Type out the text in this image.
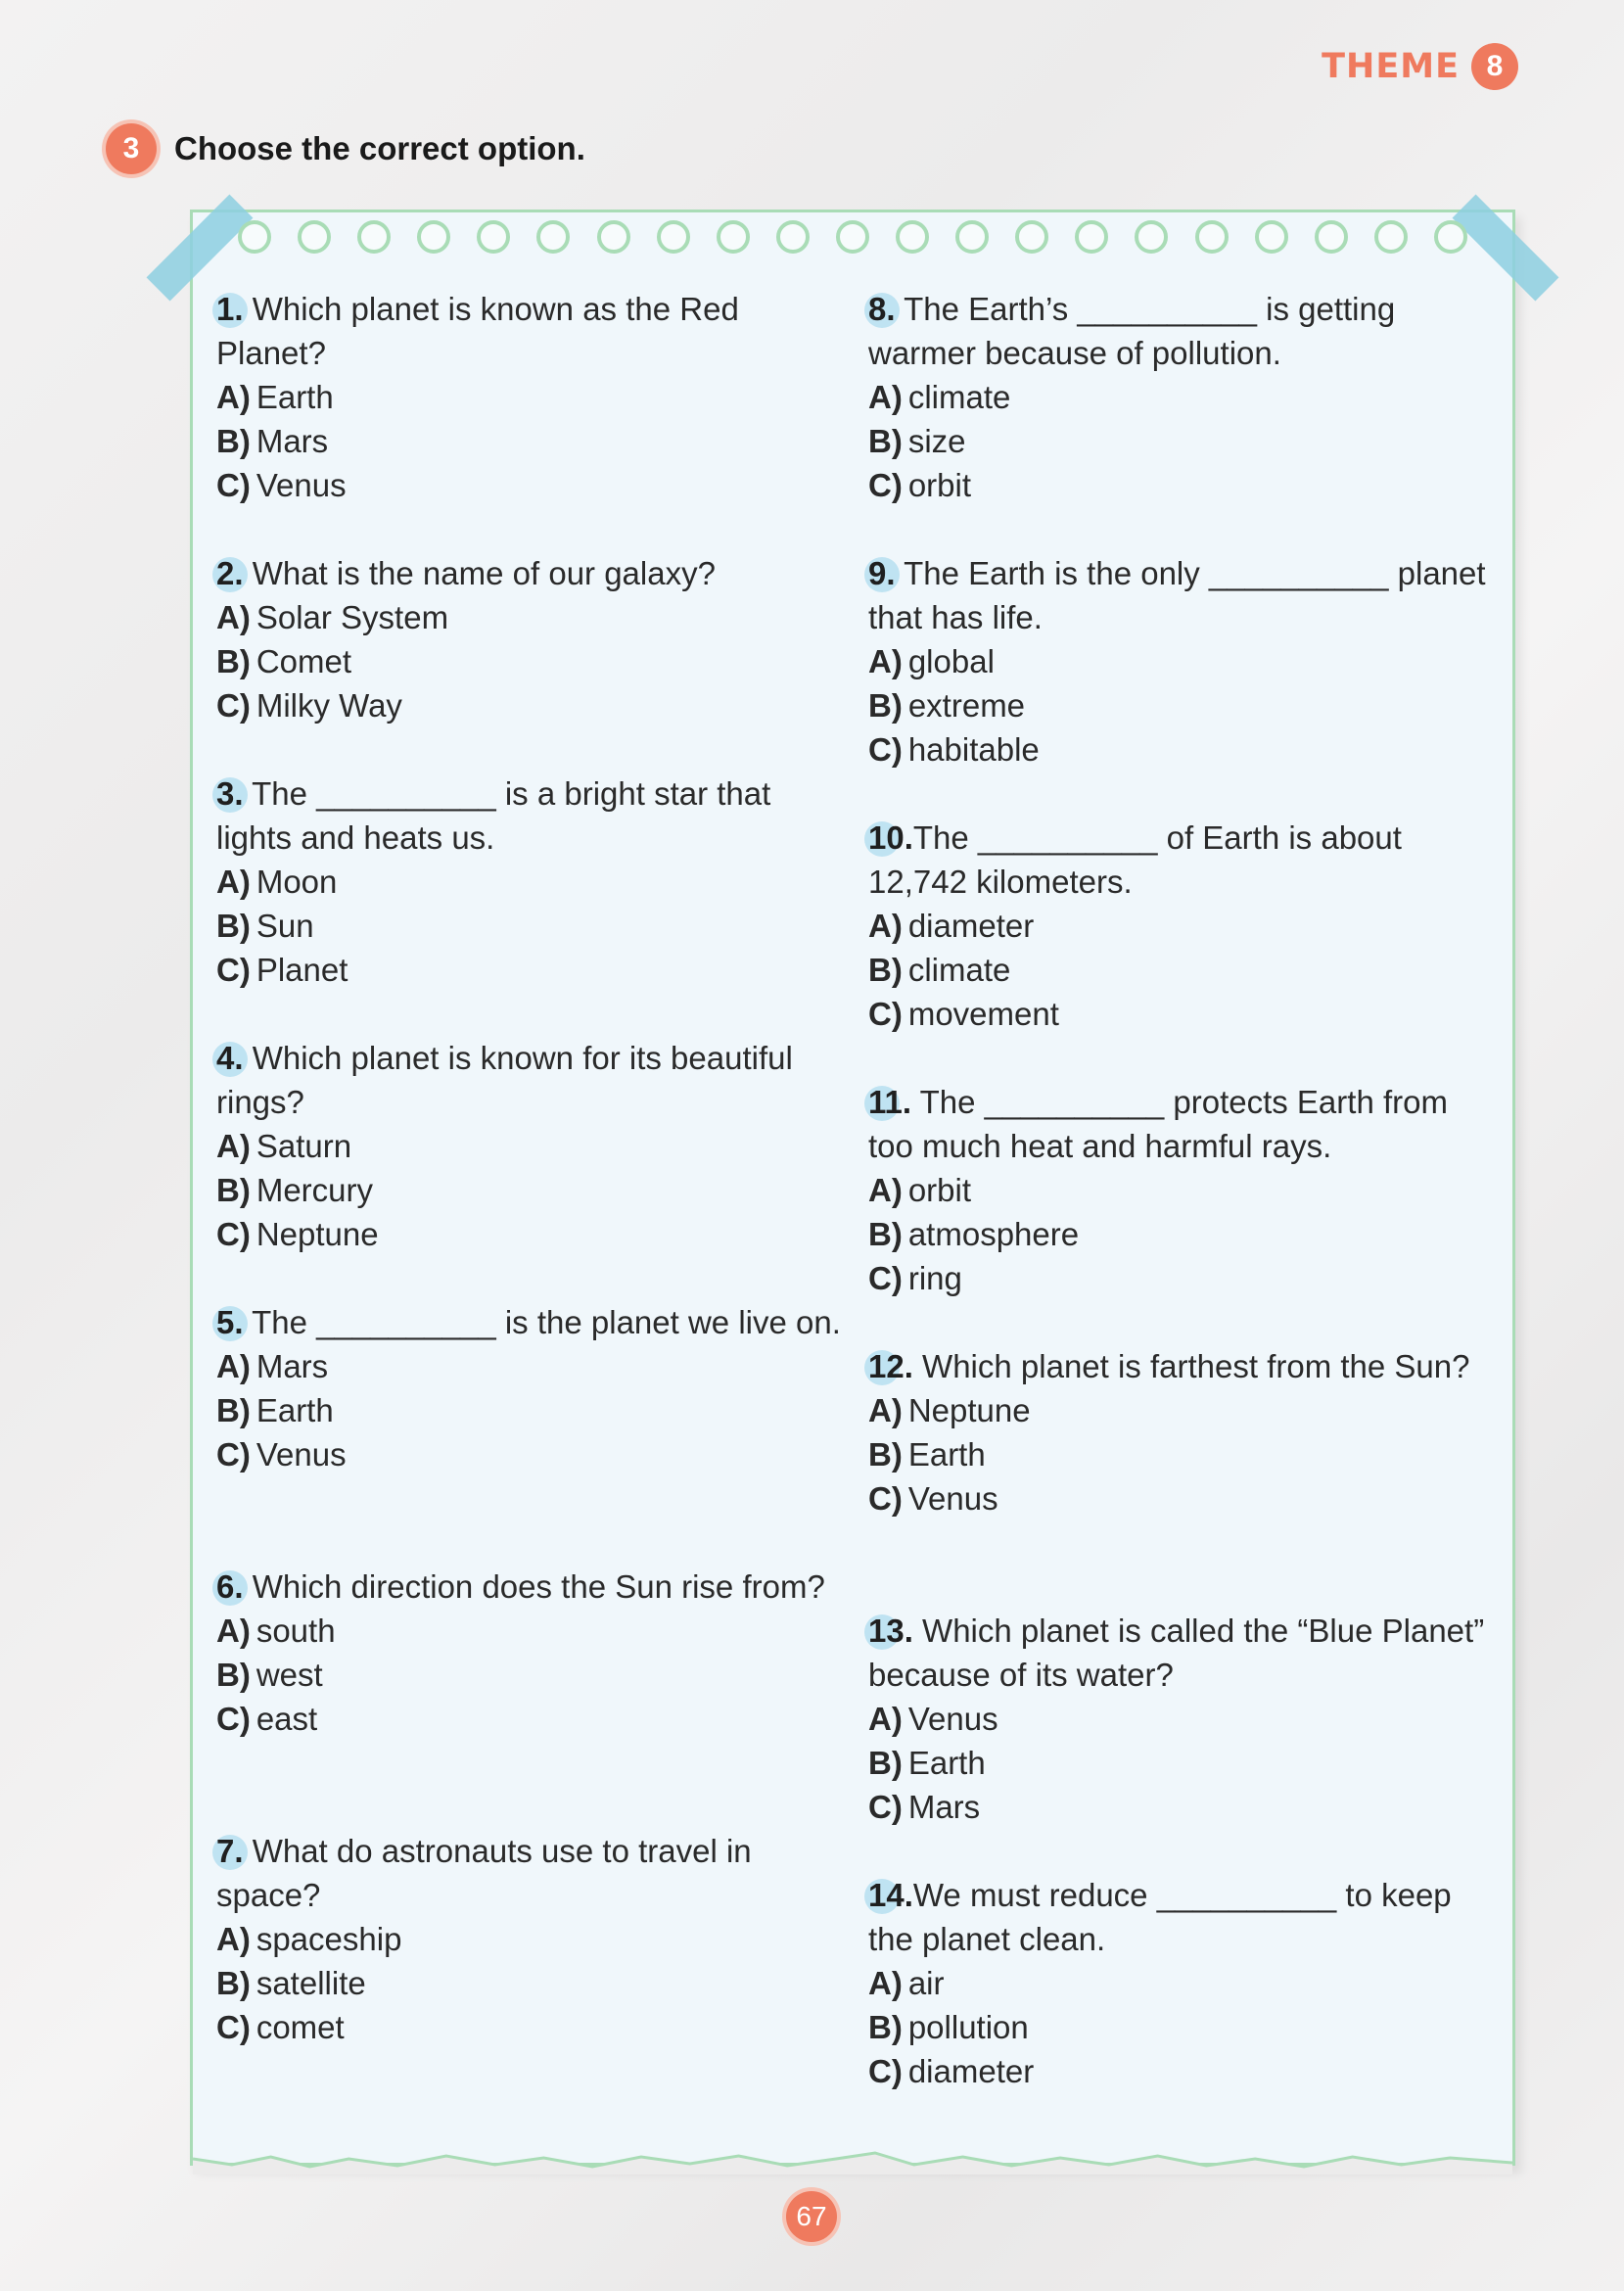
THEME 8
3	Choose the correct option.
1. Which planet is known as the Red Planet?
A) Earth
B) Mars
C) Venus
2. What is the name of our galaxy?
A) Solar System
B) Comet
C) Milky Way
3. The __________ is a bright star that lights and heats us.
A) Moon
B) Sun
C) Planet
4. Which planet is known for its beautiful rings?
A) Saturn
B) Mercury
C) Neptune
5. The __________ is the planet we live on.
A) Mars
B) Earth
C) Venus
6. Which direction does the Sun rise from?
A) south
B) west
C) east
7. What do astronauts use to travel in space?
A) spaceship
B) satellite
C) comet
8. The Earth’s __________ is getting warmer because of pollution.
A) climate
B) size
C) orbit
9. The Earth is the only __________ planet that has life.
A) global
B) extreme
C) habitable
10.The __________ of Earth is about 12,742 kilometers.
A) diameter
B) climate
C) movement
11. The __________ protects Earth from too much heat and harmful rays.
A) orbit
B) atmosphere
C) ring
12. Which planet is farthest from the Sun?
A) Neptune
B) Earth
C) Venus
13. Which planet is called the “Blue Planet” because of its water?
A) Venus
B) Earth
C) Mars
14.We must reduce __________ to keep the planet clean.
A) air
B) pollution
C) diameter
67
